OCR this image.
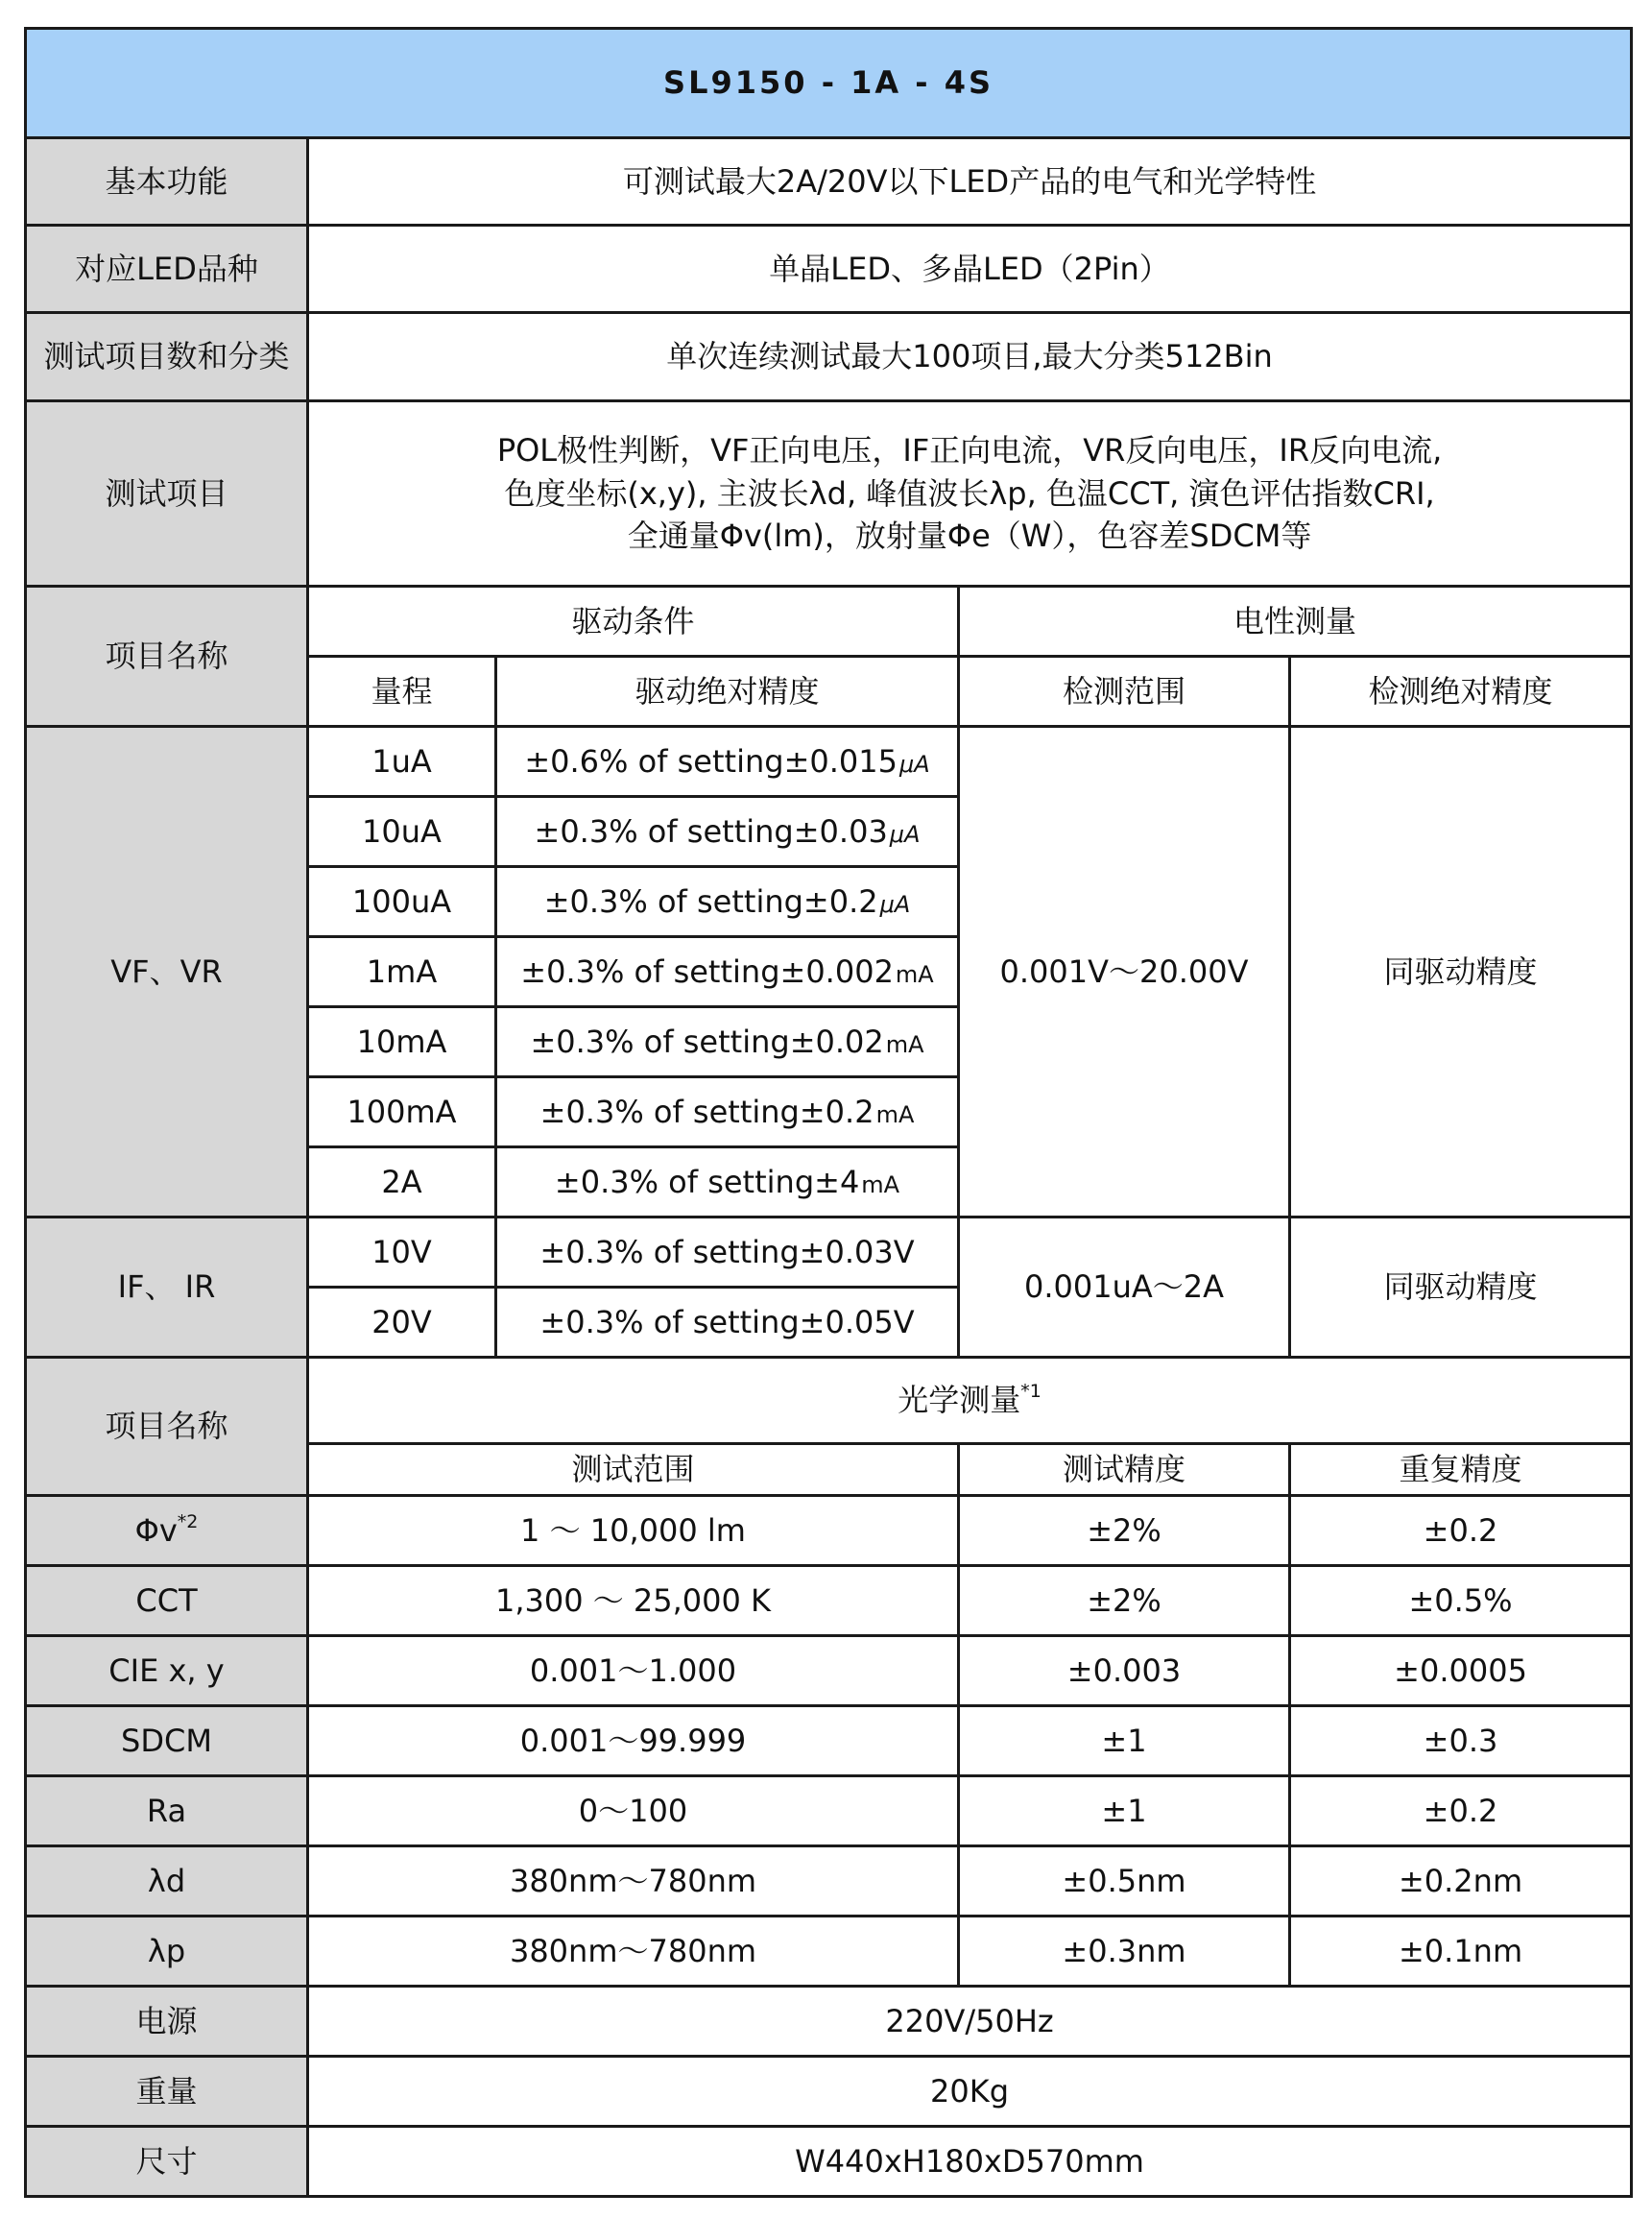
SL9150 - 1A - 4S				
基本功能	可测试最大2A/20V以下LED产品的电气和光学特性			
对应LED品种	单晶LED、多晶LED（2Pin）			
测试项目数和分类	单次连续测试最大100项目,最大分类512Bin			
测试项目	POL极性判断，VF正向电压，IF正向电流，VR反向电压，IR反向电流,
色度坐标(x,y), 主波长λd, 峰值波长λp, 色温CCT, 演色评估指数CRI,
全通量Φv(lm)，放射量Φe（W），色容差SDCM等			

项目名称	驱动条件		电性测量	
	量程	驱动绝对精度	检测范围	检测绝对精度
VF、VR	1uA	±0.6% of setting±0.015μA	0.001V～20.00V	同驱动精度
	10uA	±0.3% of setting±0.03μA		
	100uA	±0.3% of setting±0.2μA		
	1mA	±0.3% of setting±0.002mA		
	10mA	±0.3% of setting±0.02mA		
	100mA	±0.3% of setting±0.2mA		
	2A	±0.3% of setting±4mA		
IF、 IR	10V	±0.3% of setting±0.03V	0.001uA～2A	同驱动精度
	20V	±0.3% of setting±0.05V		
项目名称	光学测量$^{*1}$
	测试范围		测试精度	重复精度
$\Phi v^{*2}$	1 ～ 10,000 lm		±2%	±0.2
CCT	1,300 ～ 25,000 K		±2%	±0.5%
CIE x, y	0.001～1.000		±0.003	±0.0005
SDCM	0.001～99.999		±1	±0.3
Ra	0～100		±1	±0.2
λd	380nm～780nm		±0.5nm	±0.2nm
λp	380nm～780nm		±0.3nm	±0.1nm
电源	220V/50Hz			
重量	20Kg			
尺寸	W440xH180xD570mm			
